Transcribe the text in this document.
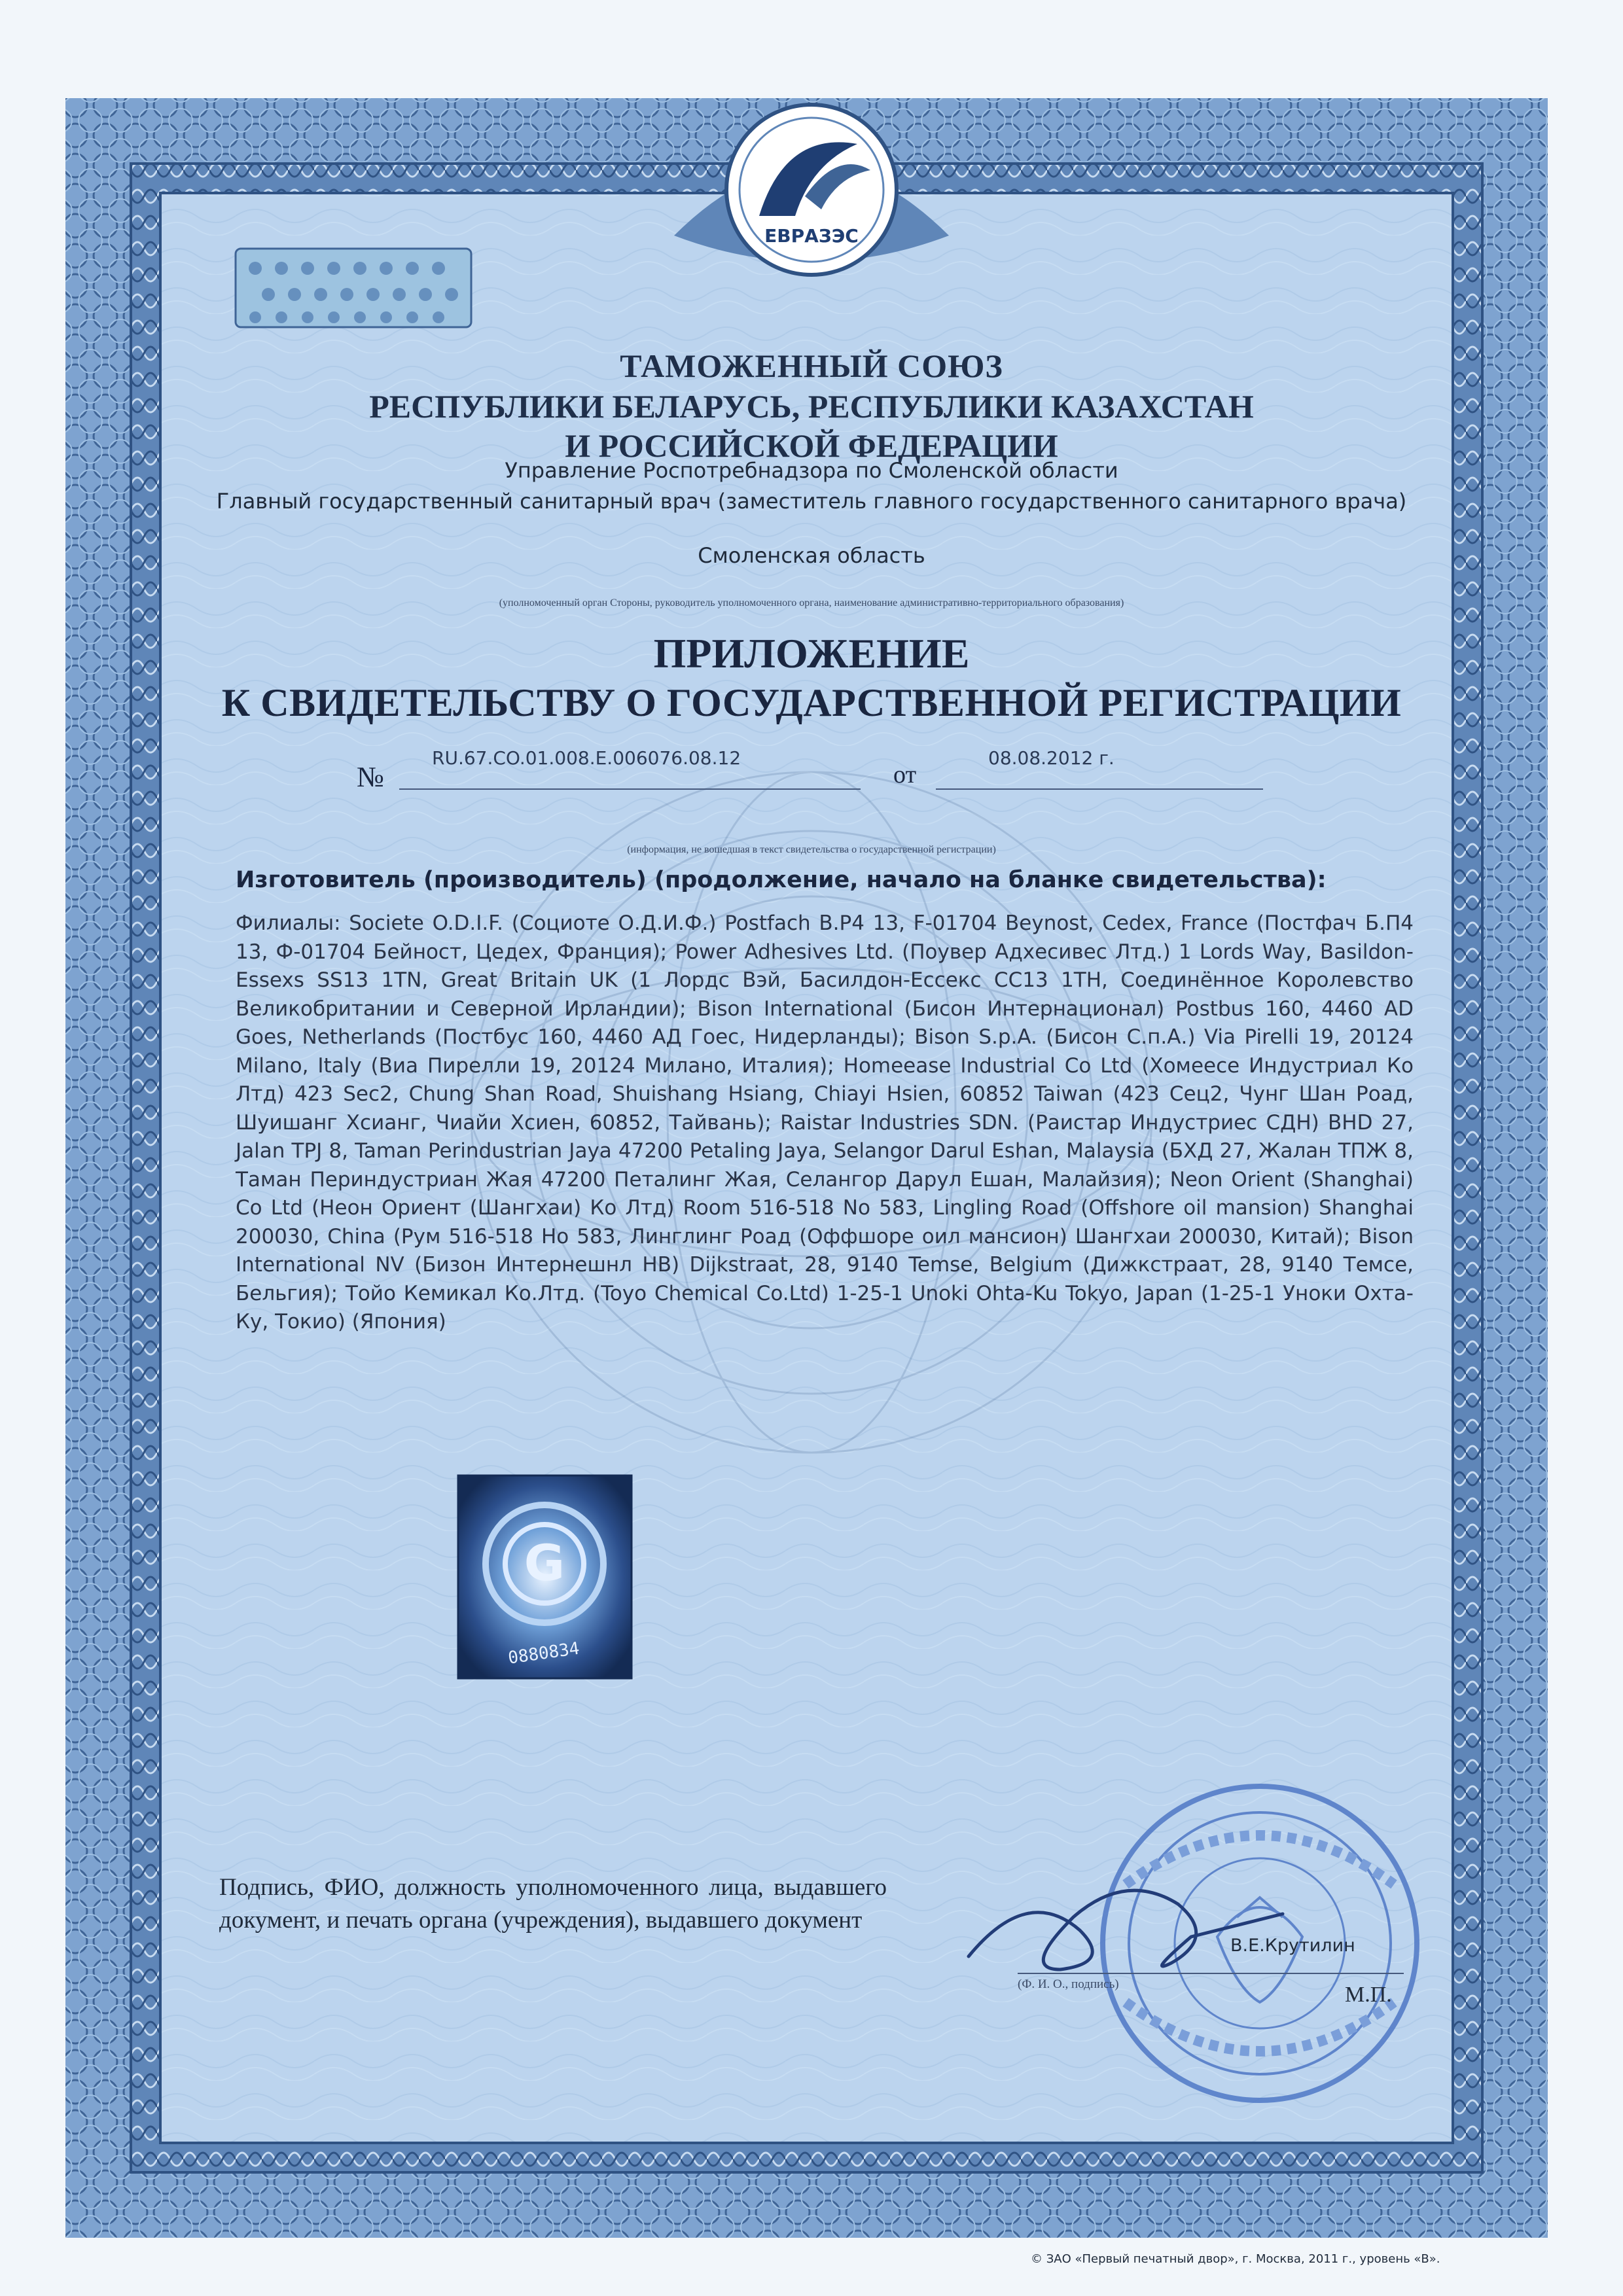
ЕВРАЗЭС
G
0880834
ТАМОЖЕННЫЙ СОЮЗ
РЕСПУБЛИКИ БЕЛАРУСЬ, РЕСПУБЛИКИ КАЗАХСТАН
И РОССИЙСКОЙ ФЕДЕРАЦИИ
Управление Роспотребнадзора по Смоленской области
Главный государственный санитарный врач (заместитель главного государственного санитарного врача)
Смоленская область
(уполномоченный орган Стороны, руководитель уполномоченного органа, наименование административно-территориального образования)
ПРИЛОЖЕНИЕ
К СВИДЕТЕЛЬСТВУ О ГОСУДАРСТВЕННОЙ РЕГИСТРАЦИИ
№
RU.67.CO.01.008.E.006076.08.12
от
08.08.2012 г.
(информация, не вошедшая в текст свидетельства о государственной регистрации)
Изготовитель (производитель) (продолжение, начало на бланке свидетельства):
Филиалы: Societe O.D.I.F. (Социоте О.Д.И.Ф.) Postfach B.P4 13, F-01704 Beynost, Cedex, France (Постфач Б.П4 13, Ф-01704 Бейност, Цедех, Франция); Power Adhesives Ltd. (Поувер Адхесивес Лтд.) 1 Lords Way, Basildon-Essexs SS13 1TN, Great Britain UK (1 Лордс Вэй, Басилдон-Ессекс СС13 1ТН, Соединённое Королевство Великобритании и Северной Ирландии); Bison International (Бисон Интернационал) Postbus 160, 4460 AD Goes, Netherlands (Постбус 160, 4460 АД Гоес, Нидерланды); Bison S.p.A. (Бисон С.п.А.) Via Pirelli 19, 20124 Milano, Italy (Виа Пирелли 19, 20124 Милано, Италия); Homeease Industrial Co Ltd (Хомеесе Индустриал Ко Лтд) 423 Sec2, Chung Shan Road, Shuishang Hsiang, Chiayi Hsien, 60852 Taiwan (423 Сец2, Чунг Шан Роад, Шуишанг Хсианг, Чиайи Хсиен, 60852, Тайвань); Raistar Industries SDN. (Раистар Индустриес СДН) BHD 27, Jalan TPJ 8, Taman Perindustrian Jaya 47200 Petaling Jaya, Selangor Darul Eshan, Malaysia (БХД 27, Жалан ТПЖ 8, Таман Периндустриан Жая 47200 Петалинг Жая, Селангор Дарул Ешан, Малайзия); Neon Orient (Shanghai) Co Ltd (Неон Ориент (Шангхаи) Ко Лтд) Room 516-518 No 583, Lingling Road (Offshore oil mansion) Shanghai 200030, China (Рум 516-518 Но 583, Линглинг Роад (Оффшоре оил мансион) Шангхаи 200030, Китай); Bison International NV (Бизон Интернешнл НВ) Dijkstraat, 28, 9140 Temse, Belgium (Дижкстраат, 28, 9140 Темсе, Бельгия); Тойо Кемикал Ко.Лтд. (Toyo Chemical Co.Ltd) 1-25-1 Unoki Ohta-Ku Tokyo, Japan (1-25-1 Уноки Охта-Ку, Токио) (Япония)
Подпись, ФИО, должность уполномоченного лица, выдавшего документ, и печать органа (учреждения), выдавшего документ
В.Е.Крутилин
(Ф. И. О., подпись)	М.П.
© ЗАО «Первый печатный двор», г. Москва, 2011 г., уровень «В».
